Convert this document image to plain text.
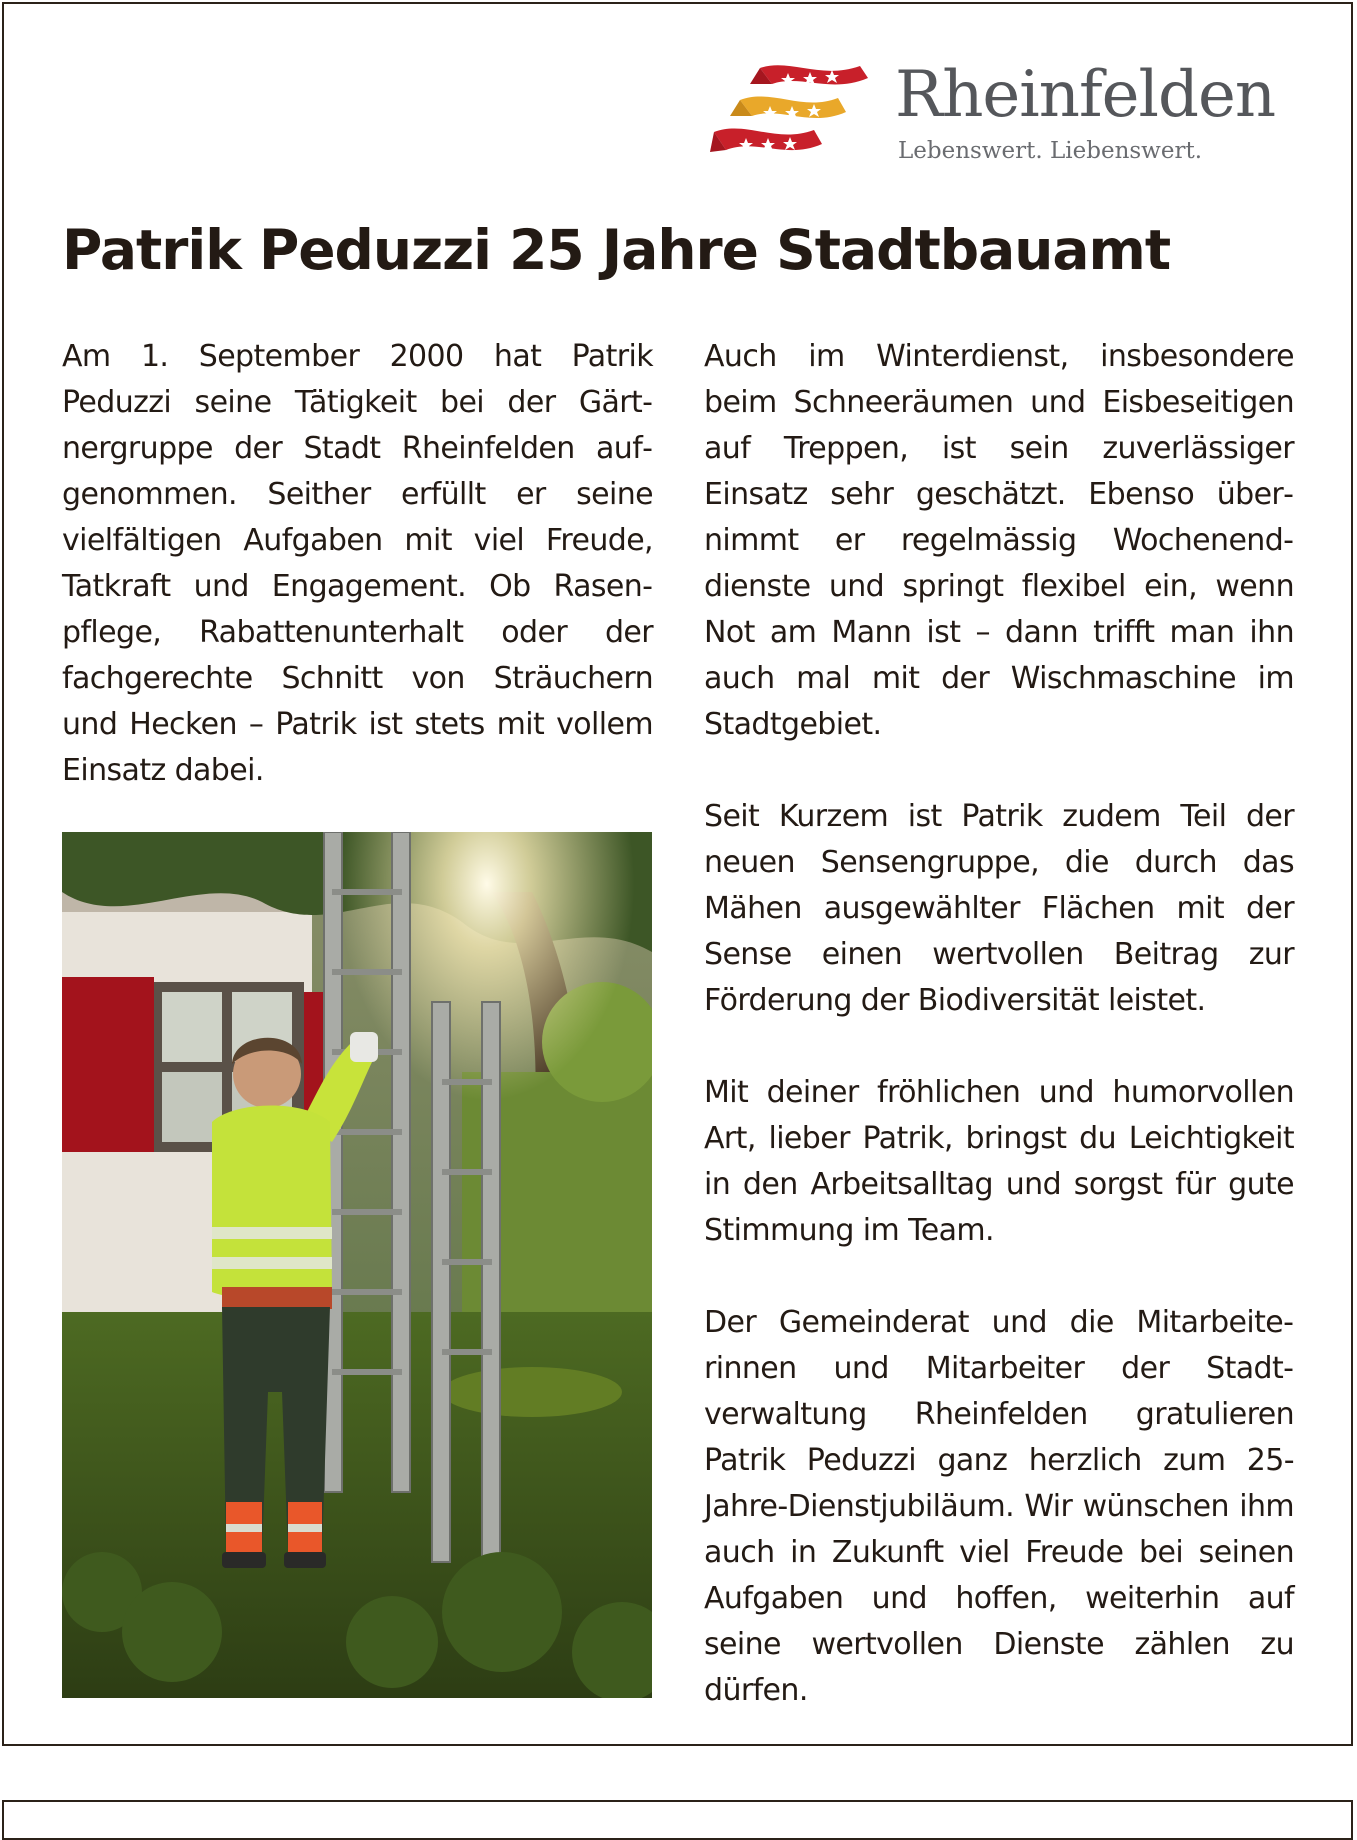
Rheinfelden
Lebenswert. Liebenswert.
Patrik Peduzzi 25 Jahre Stadtbauamt

Am 1. September 2000 hat Patrik Peduzzi seine Tätigkeit bei der Gärtnergruppe der Stadt Rheinfelden aufgenommen. Seither erfüllt er seine vielfältigen Aufgaben mit viel Freude, Tatkraft und Engagement. Ob Rasenpflege, Rabattenunterhalt oder der fachgerechte Schnitt von Sträuchern und Hecken – Patrik ist stets mit vollem Einsatz dabei.

Auch im Winterdienst, insbesondere beim Schneeräumen und Eisbeseitigen auf Treppen, ist sein zuverlässiger Einsatz sehr geschätzt. Ebenso übernimmt er regelmässig Wochenenddienste und springt flexibel ein, wenn Not am Mann ist – dann trifft man ihn auch mal mit der Wischmaschine im Stadtgebiet.

Seit Kurzem ist Patrik zudem Teil der neuen Sensengruppe, die durch das Mähen ausgewählter Flächen mit der Sense einen wertvollen Beitrag zur Förderung der Biodiversität leistet.

Mit deiner fröhlichen und humorvollen Art, lieber Patrik, bringst du Leichtigkeit in den Arbeitsalltag und sorgst für gute Stimmung im Team.

Der Gemeinderat und die Mitarbeiterinnen und Mitarbeiter der Stadtverwaltung Rheinfelden gratulieren Patrik Peduzzi ganz herzlich zum 25-Jahre-Dienstjubiläum. Wir wünschen ihm auch in Zukunft viel Freude bei seinen Aufgaben und hoffen, weiterhin auf seine wertvollen Dienste zählen zu dürfen.
